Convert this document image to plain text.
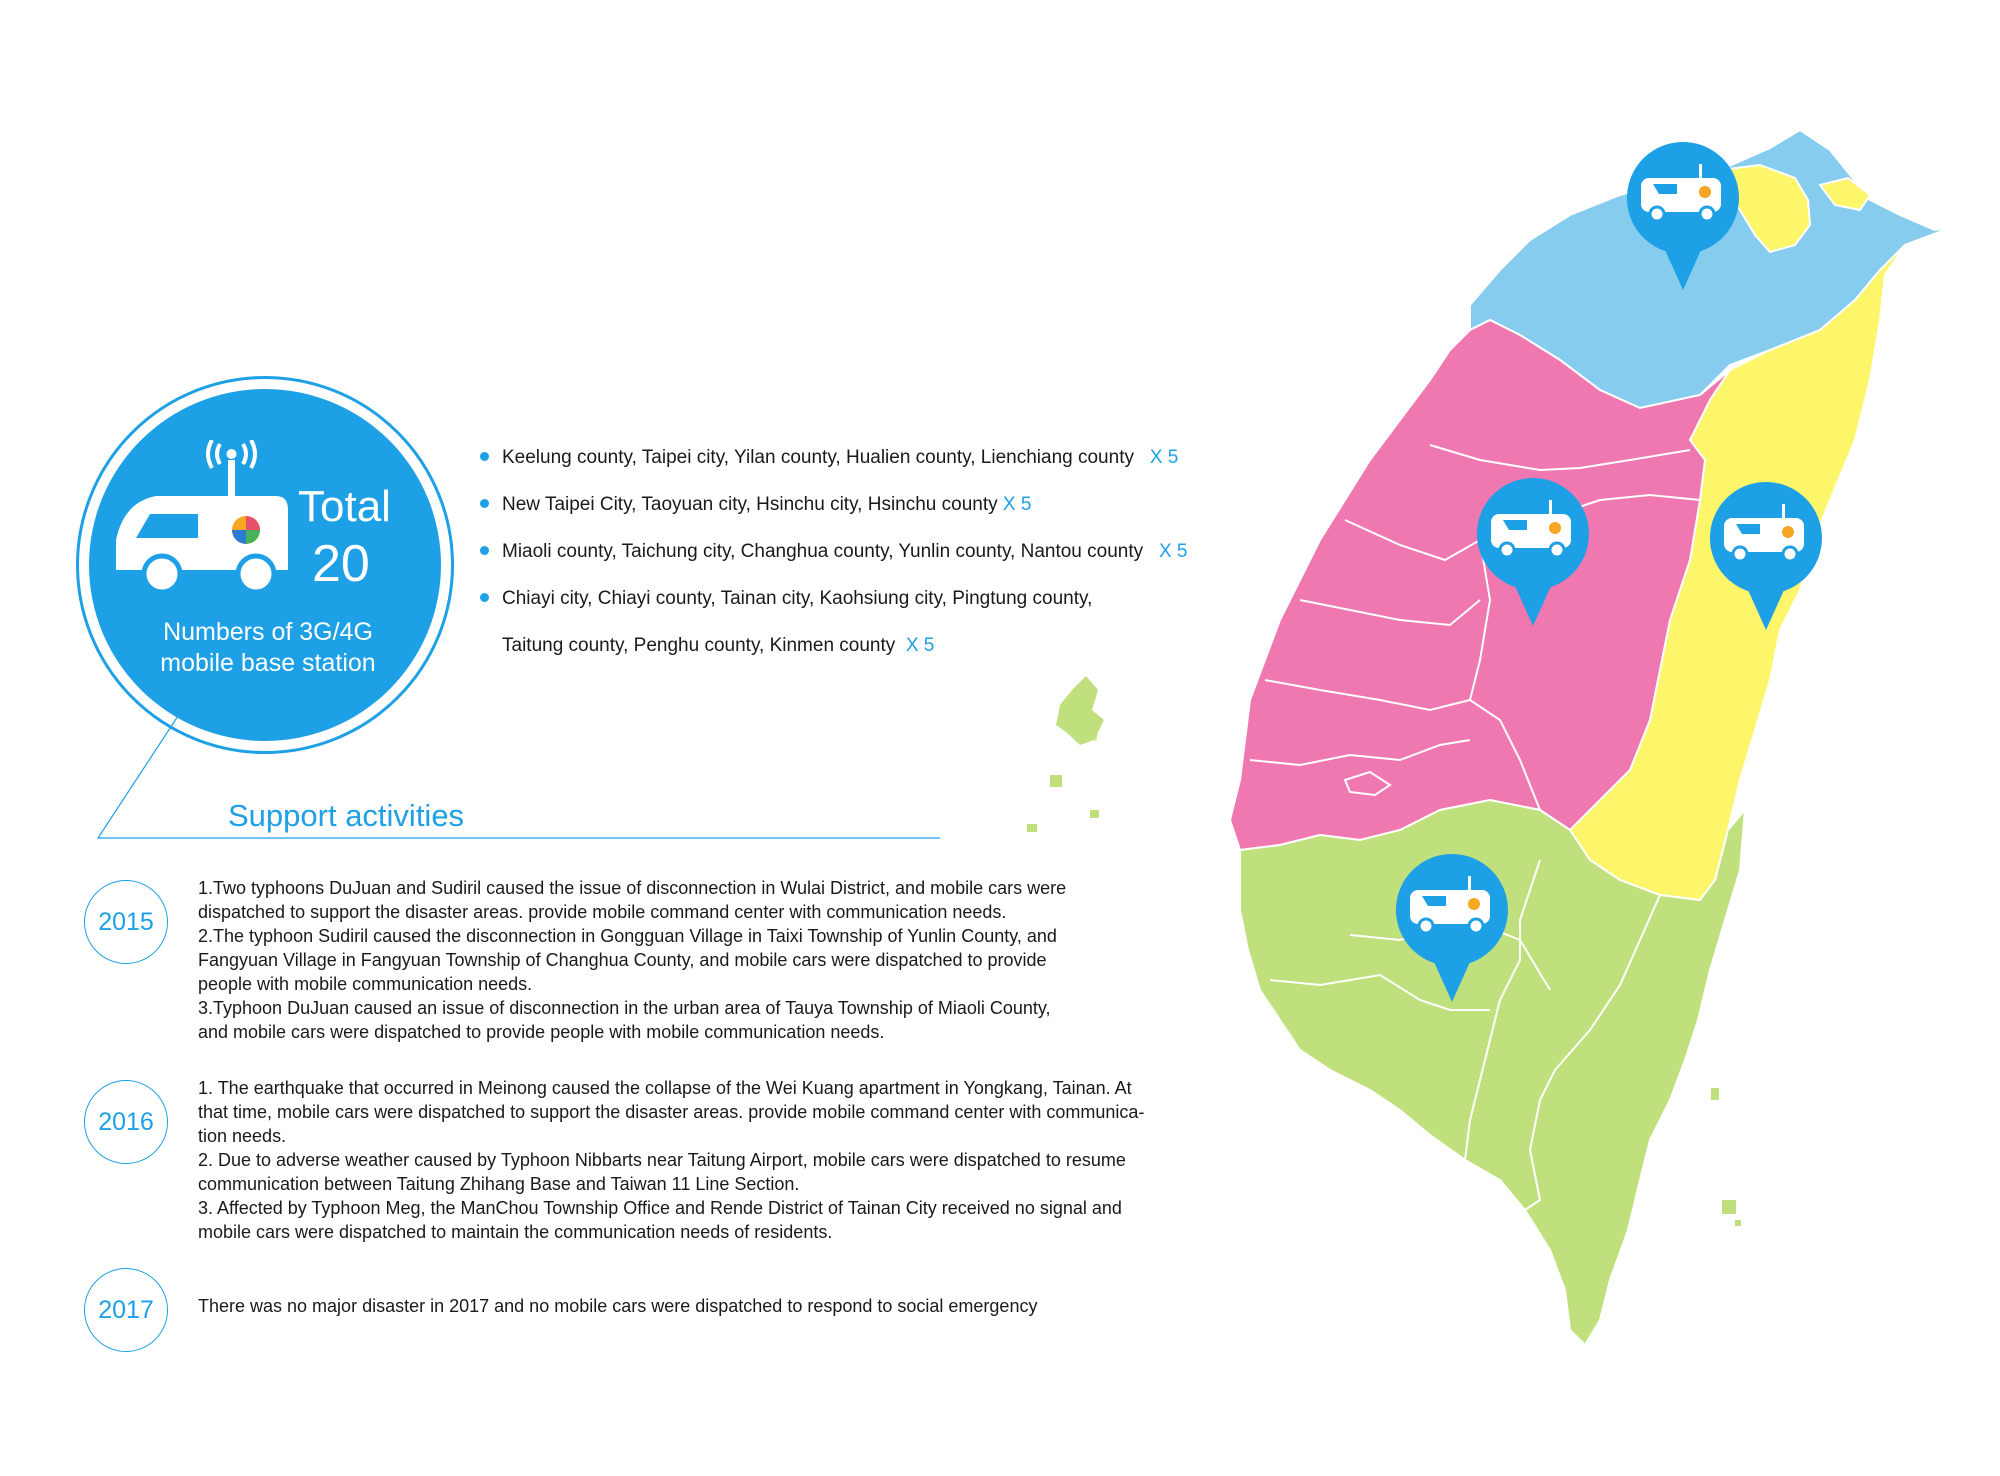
Total
20
Numbers of 3G/4G
mobile base station
Keelung county, Taipei city, Yilan county, Hualien county, Lienchiang county X 5
New Taipei City, Taoyuan city, Hsinchu city, Hsinchu county X 5
Miaoli county, Taichung city, Changhua county, Yunlin county, Nantou county X 5
Chiayi city, Chiayi county, Tainan city, Kaohsiung city, Pingtung county,
Taitung county, Penghu county, Kinmen county X 5
Support activities
2015
1.Two typhoons DuJuan and Sudiril caused the issue of disconnection in Wulai District, and mobile cars were
dispatched to support the disaster areas. provide mobile command center with communication needs.
2.The typhoon Sudiril caused the disconnection in Gongguan Village in Taixi Township of Yunlin County, and
Fangyuan Village in Fangyuan Township of Changhua County, and mobile cars were dispatched to provide
people with mobile communication needs.
3.Typhoon DuJuan caused an issue of disconnection in the urban area of Tauya Township of Miaoli County,
and mobile cars were dispatched to provide people with mobile communication needs.
2016
1. The earthquake that occurred in Meinong caused the collapse of the Wei Kuang apartment in Yongkang, Tainan. At
that time, mobile cars were dispatched to support the disaster areas. provide mobile command center with communica-
tion needs.
2. Due to adverse weather caused by Typhoon Nibbarts near Taitung Airport, mobile cars were dispatched to resume
communication between Taitung Zhihang Base and Taiwan 11 Line Section.
3. Affected by Typhoon Meg, the ManChou Township Office and Rende District of Tainan City received no signal and
mobile cars were dispatched to maintain the communication needs of residents.
2017	There was no major disaster in 2017 and no mobile cars were dispatched to respond to social emergency
